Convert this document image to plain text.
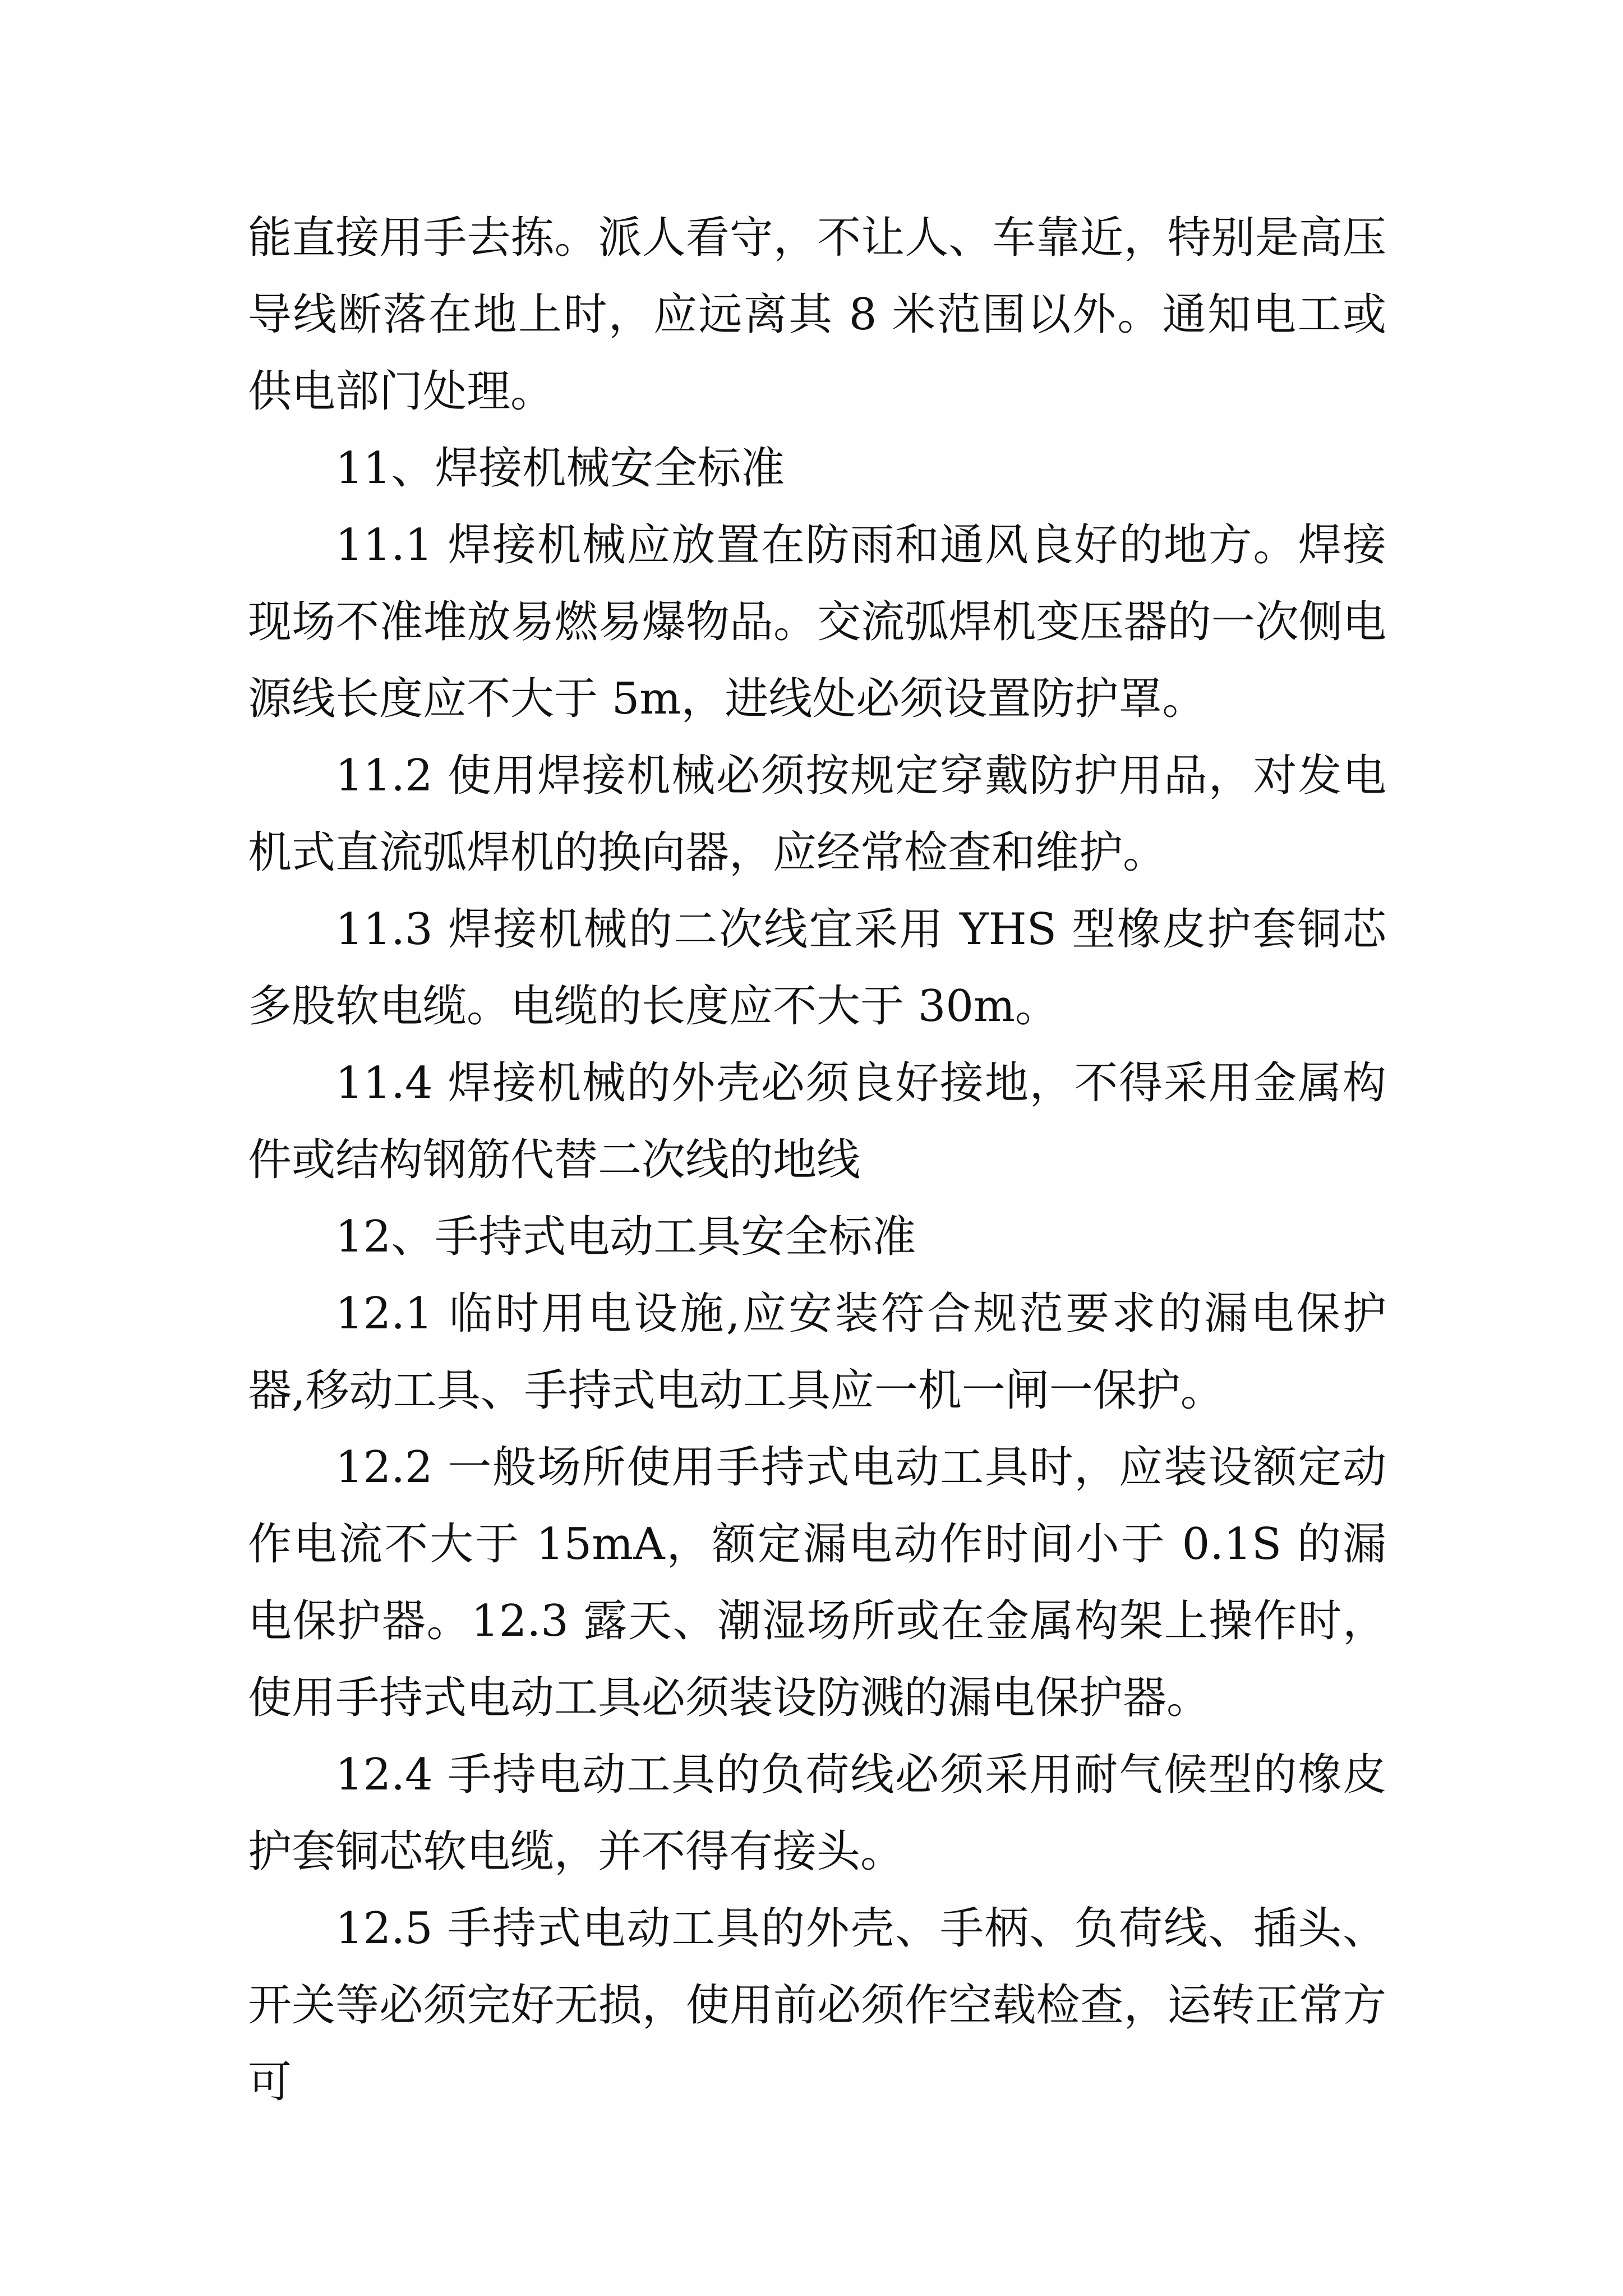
能直接用手去拣。派人看守，不让人、车靠近，特别是高压导线断落在地上时，应远离其 8 米范围以外。通知电工或供电部门处理。

11、焊接机械安全标准

11.1 焊接机械应放置在防雨和通风良好的地方。焊接现场不准堆放易燃易爆物品。交流弧焊机变压器的一次侧电源线长度应不大于 5m，进线处必须设置防护罩。

11.2 使用焊接机械必须按规定穿戴防护用品，对发电机式直流弧焊机的换向器，应经常检查和维护。

11.3 焊接机械的二次线宜采用 YHS 型橡皮护套铜芯多股软电缆。电缆的长度应不大于 30m。

11.4 焊接机械的外壳必须良好接地，不得采用金属构件或结构钢筋代替二次线的地线

12、手持式电动工具安全标准

12.1 临时用电设施,应安装符合规范要求的漏电保护器,移动工具、手持式电动工具应一机一闸一保护。

12.2 一般场所使用手持式电动工具时，应装设额定动作电流不大于 15mA，额定漏电动作时间小于 0.1S 的漏电保护器。12.3 露天、潮湿场所或在金属构架上操作时，使用手持式电动工具必须装设防溅的漏电保护器。

12.4 手持电动工具的负荷线必须采用耐气候型的橡皮护套铜芯软电缆，并不得有接头。

12.5 手持式电动工具的外壳、手柄、负荷线、插头、开关等必须完好无损，使用前必须作空载检查，运转正常方可
